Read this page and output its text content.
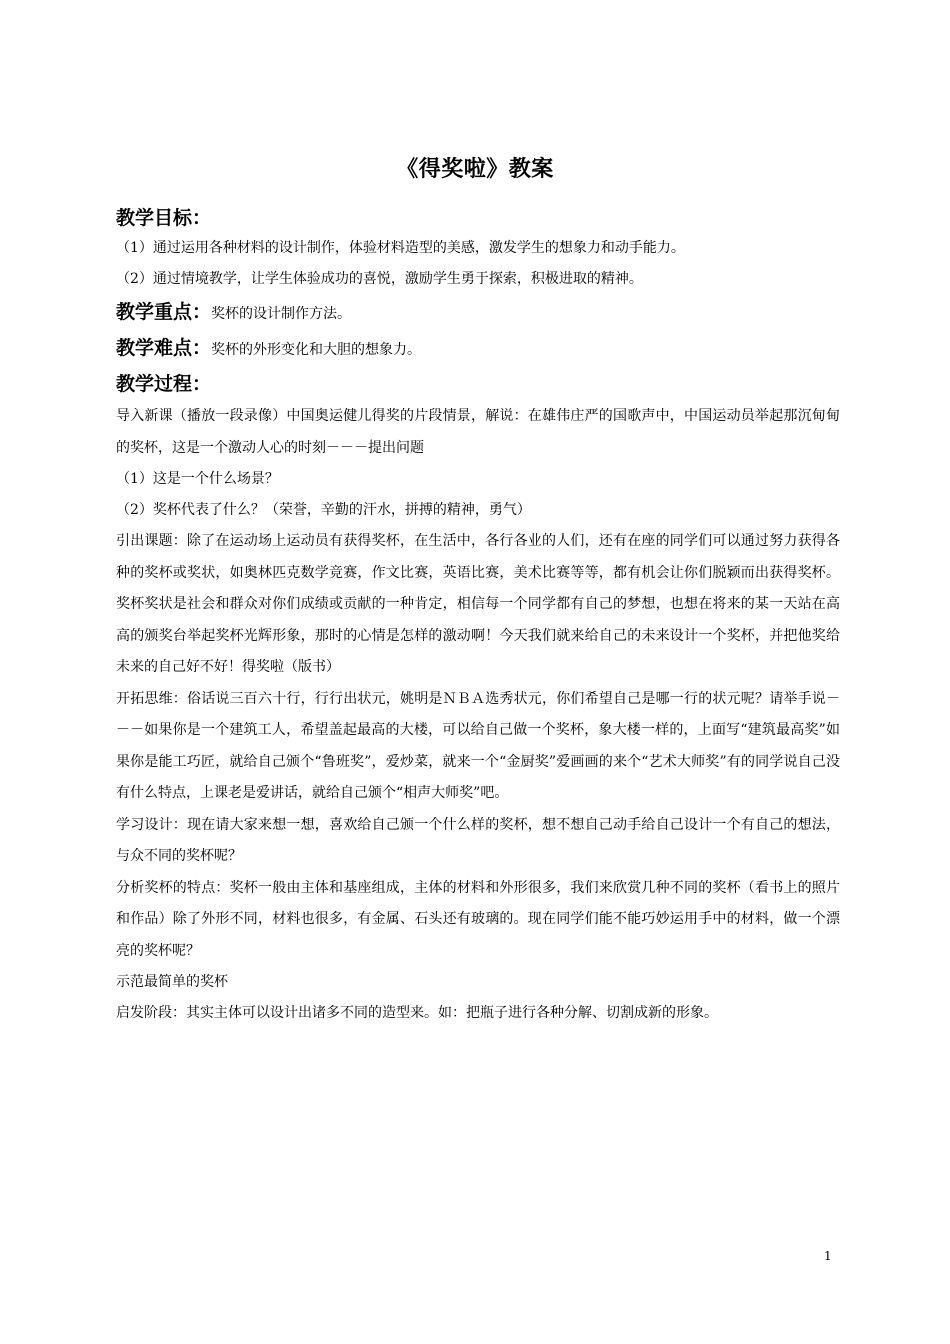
《得奖啦》教案

教学目标：

（1）通过运用各种材料的设计制作，体验材料造型的美感，激发学生的想象力和动手能力。

（2）通过情境教学，让学生体验成功的喜悦，激励学生勇于探索，积极进取的精神。

教学重点：奖杯的设计制作方法。

教学难点：奖杯的外形变化和大胆的想象力。

教学过程：

导入新课（播放一段录像）中国奥运健儿得奖的片段情景，解说：在雄伟庄严的国歌声中，中国运动员举起那沉甸甸的奖杯，这是一个激动人心的时刻－－－提出问题

（1）这是一个什么场景？

（2）奖杯代表了什么？（荣誉，辛勤的汗水，拼搏的精神，勇气）

引出课题：除了在运动场上运动员有获得奖杯，在生活中，各行各业的人们，还有在座的同学们可以通过努力获得各种的奖杯或奖状，如奥林匹克数学竞赛，作文比赛，英语比赛，美术比赛等等，都有机会让你们脱颖而出获得奖杯。奖杯奖状是社会和群众对你们成绩或贡献的一种肯定，相信每一个同学都有自己的梦想，也想在将来的某一天站在高高的颁奖台举起奖杯光辉形象，那时的心情是怎样的激动啊！今天我们就来给自己的未来设计一个奖杯，并把他奖给未来的自己好不好！得奖啦（版书）

开拓思维：俗话说三百六十行，行行出状元，姚明是ＮＢＡ选秀状元，你们希望自己是哪一行的状元呢？请举手说－－－如果你是一个建筑工人，希望盖起最高的大楼，可以给自己做一个奖杯，象大楼一样的，上面写“建筑最高奖”如果你是能工巧匠，就给自己颁个“鲁班奖”，爱炒菜，就来一个“金厨奖”爱画画的来个“艺术大师奖”有的同学说自己没有什么特点，上课老是爱讲话，就给自己颁个“相声大师奖”吧。

学习设计：现在请大家来想一想，喜欢给自己颁一个什么样的奖杯，想不想自己动手给自己设计一个有自己的想法，与众不同的奖杯呢？

分析奖杯的特点：奖杯一般由主体和基座组成，主体的材料和外形很多，我们来欣赏几种不同的奖杯（看书上的照片和作品）除了外形不同，材料也很多，有金属、石头还有玻璃的。现在同学们能不能巧妙运用手中的材料，做一个漂亮的奖杯呢？

示范最简单的奖杯

启发阶段：其实主体可以设计出诸多不同的造型来。如：把瓶子进行各种分解、切割成新的形象。

1
